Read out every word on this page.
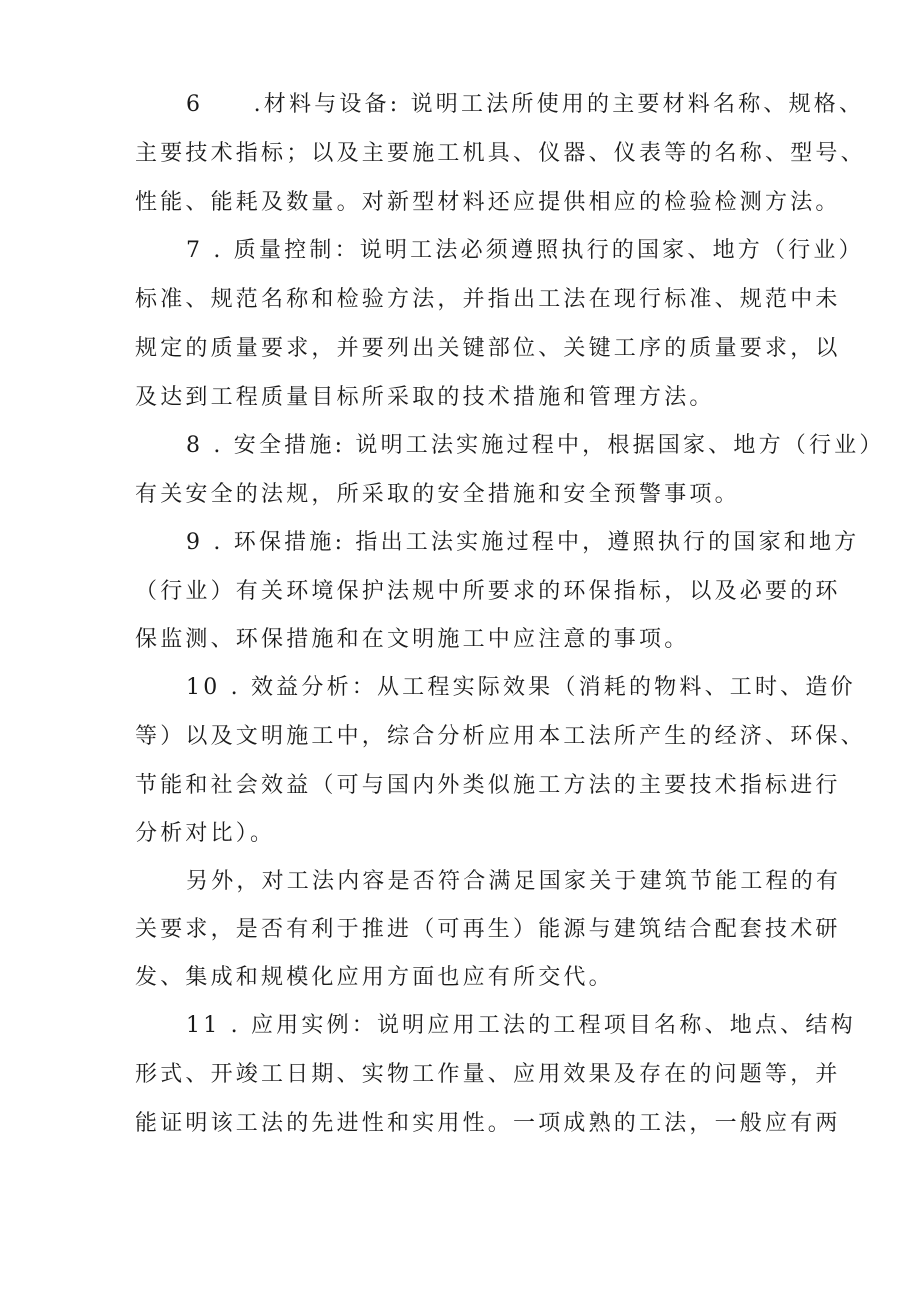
6　　.材料与设备: 说明工法所使用的主要材料名称、规格、
主要技术指标；以及主要施工机具、仪器、仪表等的名称、型号、
性能、能耗及数量。对新型材料还应提供相应的检验检测方法。
7 . 质量控制：说明工法必须遵照执行的国家、地方（行业）
标准、规范名称和检验方法，并指出工法在现行标准、规范中未
规定的质量要求，并要列出关键部位、关键工序的质量要求，以
及达到工程质量目标所采取的技术措施和管理方法。
8 . 安全措施: 说明工法实施过程中，根据国家、地方（行业）
有关安全的法规，所采取的安全措施和安全预警事项。
9 . 环保措施: 指出工法实施过程中，遵照执行的国家和地方
（行业）有关环境保护法规中所要求的环保指标，以及必要的环
保监测、环保措施和在文明施工中应注意的事项。
10 . 效益分析：从工程实际效果（消耗的物料、工时、造价
等）以及文明施工中，综合分析应用本工法所产生的经济、环保、
节能和社会效益（可与国内外类似施工方法的主要技术指标进行
分析对比）。
另外，对工法内容是否符合满足国家关于建筑节能工程的有
关要求，是否有利于推进（可再生）能源与建筑结合配套技术研
发、集成和规模化应用方面也应有所交代。
11 . 应用实例：说明应用工法的工程项目名称、地点、结构
形式、开竣工日期、实物工作量、应用效果及存在的问题等，并
能证明该工法的先进性和实用性。一项成熟的工法，一般应有两
